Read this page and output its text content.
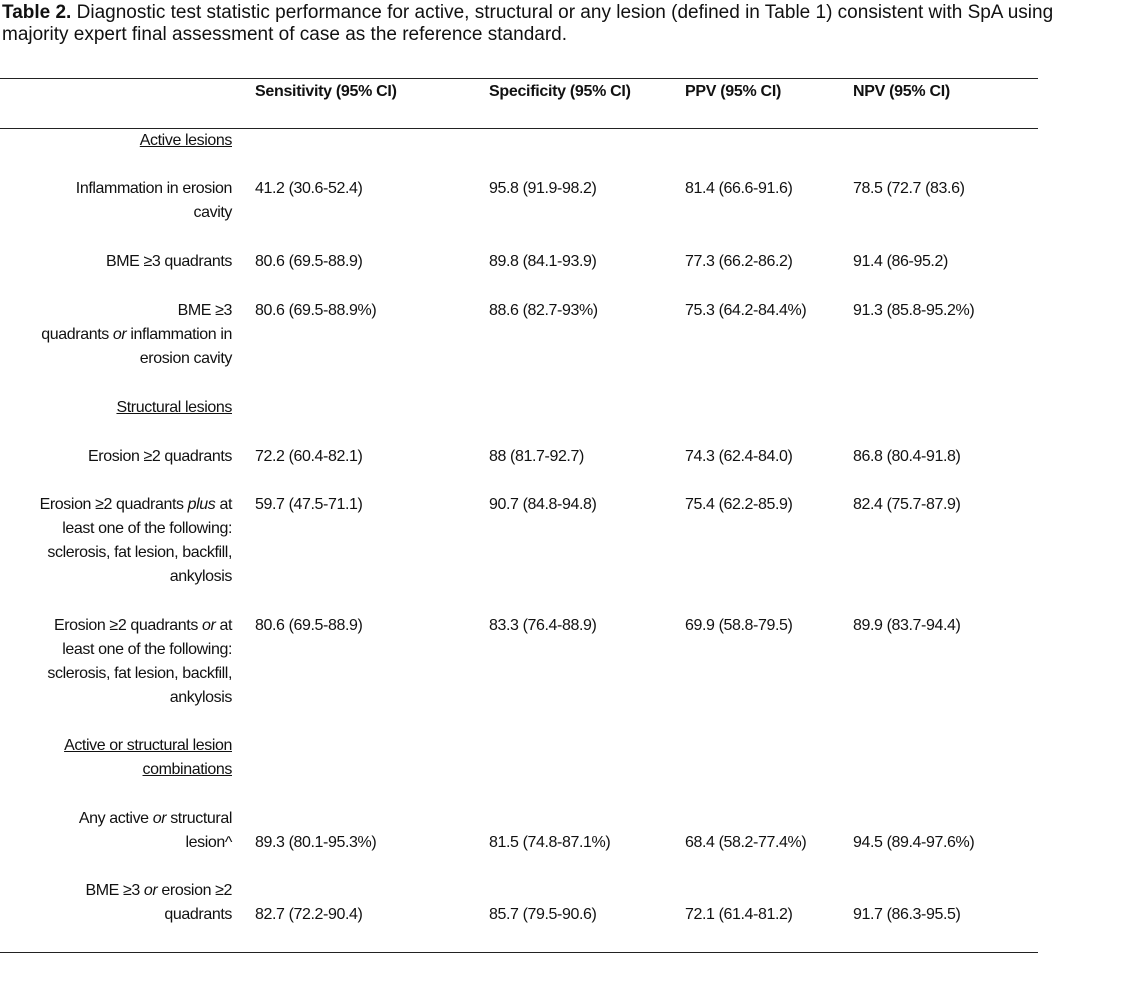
Table 2. Diagnostic test statistic performance for active, structural or any lesion (defined in Table 1) consistent with SpA using majority expert final assessment of case as the reference standard.
Sensitivity (95% CI)	Specificity (95% CI)	PPV (95% CI)	NPV (95% CI)
Active lesions
Inflammation in erosion
cavity
41.2 (30.6-52.4)	95.8 (91.9-98.2)	81.4 (66.6-91.6)	78.5 (72.7 (83.6)
BME ≥3 quadrants 80.6 (69.5-88.9)	89.8 (84.1-93.9)	77.3 (66.2-86.2)	91.4 (86-95.2)
BME ≥3
quadrants or inflammation in
erosion cavity
80.6 (69.5-88.9%)	88.6 (82.7-93%)	75.3 (64.2-84.4%)	91.3 (85.8-95.2%)
Structural lesions
Erosion ≥2 quadrants 72.2 (60.4-82.1)	88 (81.7-92.7)	74.3 (62.4-84.0)	86.8 (80.4-91.8)
Erosion ≥2 quadrants plus at
least one of the following:
sclerosis, fat lesion, backfill,
ankylosis
59.7 (47.5-71.1)	90.7 (84.8-94.8)	75.4 (62.2-85.9)	82.4 (75.7-87.9)
Erosion ≥2 quadrants or at
least one of the following:
sclerosis, fat lesion, backfill,
ankylosis
80.6 (69.5-88.9)	83.3 (76.4-88.9)	69.9 (58.8-79.5)	89.9 (83.7-94.4)
Active or structural lesion
combinations
Any active or structural
lesion^ 89.3 (80.1-95.3%)	81.5 (74.8-87.1%)	68.4 (58.2-77.4%)	94.5 (89.4-97.6%)
BME ≥3 or erosion ≥2
quadrants 82.7 (72.2-90.4)	85.7 (79.5-90.6)	72.1 (61.4-81.2)	91.7 (86.3-95.5)
